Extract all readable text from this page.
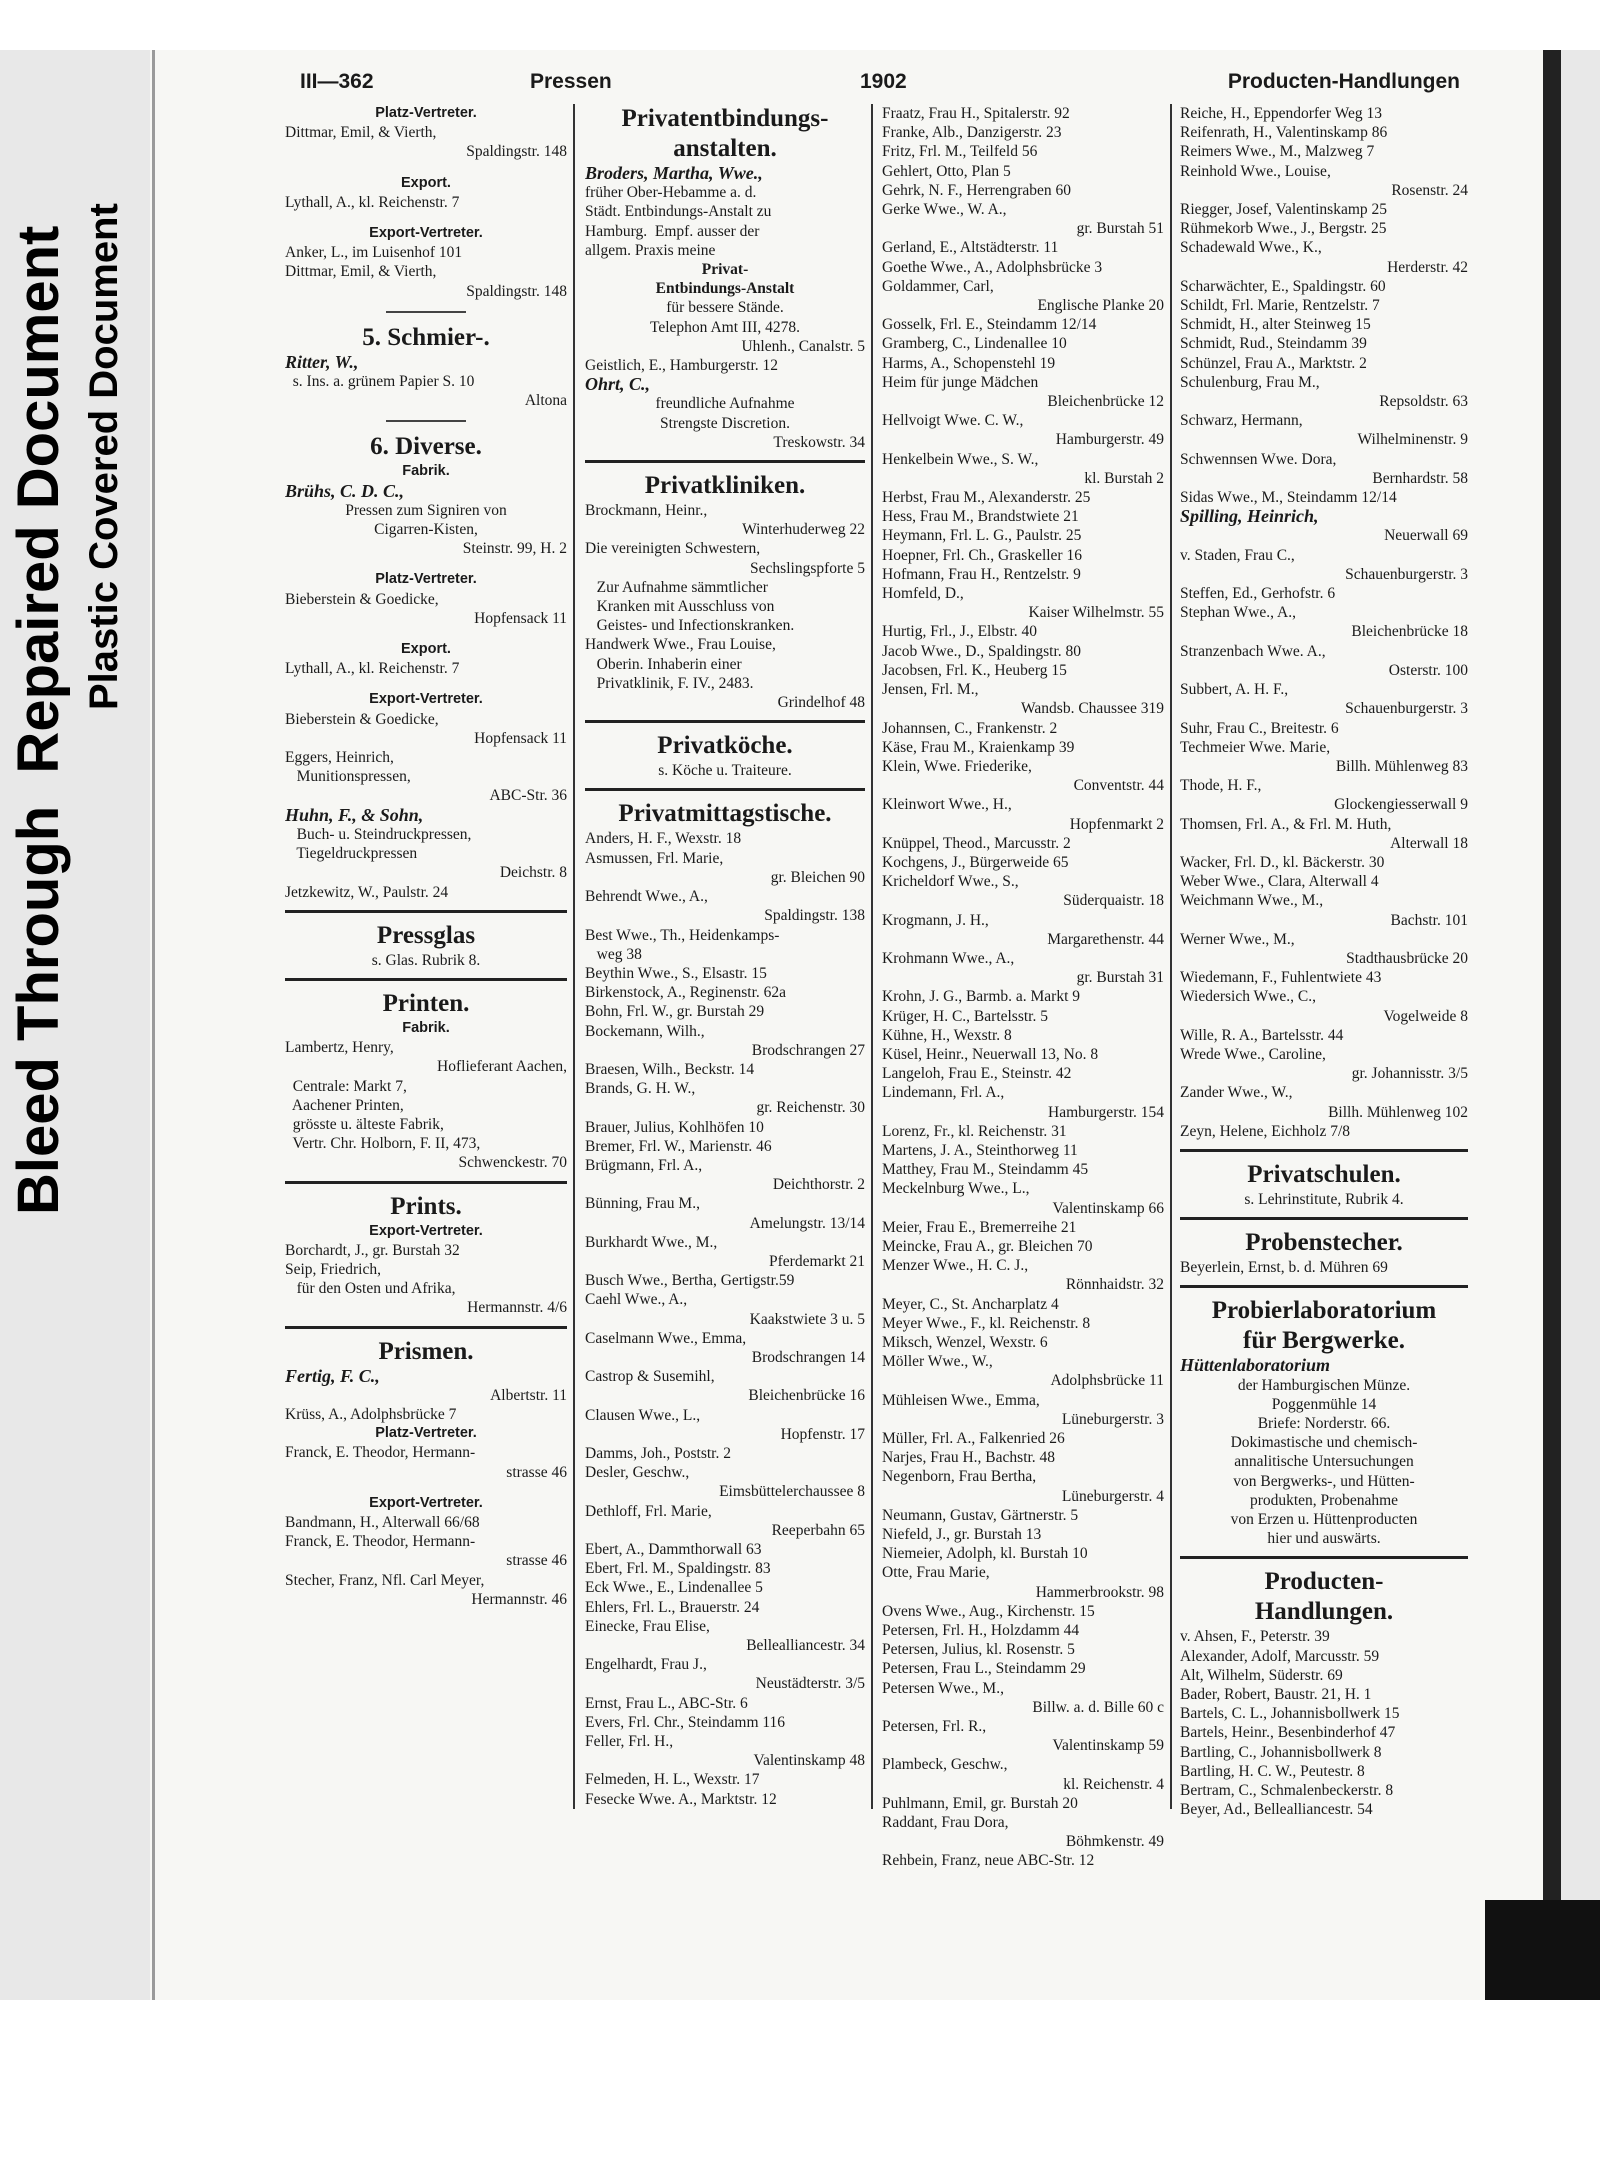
Bleed Through  Repaired Document Plastic Covered Document
III—362	Pressen	1902	Producten-Handlungen
Platz-Vertreter.
Dittmar, Emil, & Vierth,
Spaldingstr. 148
Export.
Lythall, A., kl. Reichenstr. 7
Export-Vertreter.
Anker, L., im Luisenhof 101
Dittmar, Emil, & Vierth,
Spaldingstr. 148
5. Schmier-.
Ritter, W.,
s. Ins. a. grünem Papier S. 10
Altona
6. Diverse.
Fabrik.
Brühs, C. D. C.,
Pressen zum Signiren von
Cigarren-Kisten,
Steinstr. 99, H. 2
Platz-Vertreter.
Bieberstein & Goedicke,
Hopfensack 11
Export.
Lythall, A., kl. Reichenstr. 7
Export-Vertreter.
Bieberstein & Goedicke,
Hopfensack 11
Eggers, Heinrich,
Munitionspressen,
ABC-Str. 36
Huhn, F., & Sohn,
Buch- u. Steindruckpressen,
Tiegeldruckpressen
Deichstr. 8
Jetzkewitz, W., Paulstr. 24
Pressglas
s. Glas. Rubrik 8.
Printen.
Fabrik.
Lambertz, Henry,
Hoflieferant Aachen,
Centrale: Markt 7,
Aachener Printen,
grösste u. älteste Fabrik,
Vertr. Chr. Holborn, F. II, 473,
Schwenckestr. 70
Prints.
Export-Vertreter.
Borchardt, J., gr. Burstah 32
Seip, Friedrich,
für den Osten und Afrika,
Hermannstr. 4/6
Prismen.
Fertig, F. C.,
Albertstr. 11
Krüss, A., Adolphsbrücke 7
Platz-Vertreter.
Franck, E. Theodor, Hermann-
strasse 46
Export-Vertreter.
Bandmann, H., Alterwall 66/68
Franck, E. Theodor, Hermann-
strasse 46
Stecher, Franz, Nfl. Carl Meyer,
Hermannstr. 46
Privatentbindungs-
anstalten.
Broders, Martha, Wwe.,
früher Ober-Hebamme a. d.
Städt. Entbindungs-Anstalt zu
Hamburg.  Empf. ausser der
allgem. Praxis meine
Privat-
Entbindungs-Anstalt
für bessere Stände.
Telephon Amt III, 4278.
Uhlenh., Canalstr. 5
Geistlich, E., Hamburgerstr. 12
Ohrt, C.,
freundliche Aufnahme
Strengste Discretion.
Treskowstr. 34
Privatkliniken.
Brockmann, Heinr.,
Winterhuderweg 22
Die vereinigten Schwestern,
Sechslingspforte 5
Zur Aufnahme sämmtlicher
Kranken mit Ausschluss von
Geistes- und Infectionskranken.
Handwerk Wwe., Frau Louise,
Oberin. Inhaberin einer
Privatklinik, F. IV., 2483.
Grindelhof 48
Privatköche.
s. Köche u. Traiteure.
Privatmittagstische.
Anders, H. F., Wexstr. 18
Asmussen, Frl. Marie,
gr. Bleichen 90
Behrendt Wwe., A.,
Spaldingstr. 138
Best Wwe., Th., Heidenkamps-
weg 38
Beythin Wwe., S., Elsastr. 15
Birkenstock, A., Reginenstr. 62a
Bohn, Frl. W., gr. Burstah 29
Bockemann, Wilh.,
Brodschrangen 27
Braesen, Wilh., Beckstr. 14
Brands, G. H. W.,
gr. Reichenstr. 30
Brauer, Julius, Kohlhöfen 10
Bremer, Frl. W., Marienstr. 46
Brügmann, Frl. A.,
Deichthorstr. 2
Bünning, Frau M.,
Amelungstr. 13/14
Burkhardt Wwe., M.,
Pferdemarkt 21
Busch Wwe., Bertha, Gertigstr.59
Caehl Wwe., A.,
Kaakstwiete 3 u. 5
Caselmann Wwe., Emma,
Brodschrangen 14
Castrop & Susemihl,
Bleichenbrücke 16
Clausen Wwe., L.,
Hopfenstr. 17
Damms, Joh., Poststr. 2
Desler, Geschw.,
Eimsbüttelerchaussee 8
Dethloff, Frl. Marie,
Reeperbahn 65
Ebert, A., Dammthorwall 63
Ebert, Frl. M., Spaldingstr. 83
Eck Wwe., E., Lindenallee 5
Ehlers, Frl. L., Brauerstr. 24
Einecke, Frau Elise,
Bellealliancestr. 34
Engelhardt, Frau J.,
Neustädterstr. 3/5
Ernst, Frau L., ABC-Str. 6
Evers, Frl. Chr., Steindamm 116
Feller, Frl. H.,
Valentinskamp 48
Felmeden, H. L., Wexstr. 17
Fesecke Wwe. A., Marktstr. 12
Fraatz, Frau H., Spitalerstr. 92
Franke, Alb., Danzigerstr. 23
Fritz, Frl. M., Teilfeld 56
Gehlert, Otto, Plan 5
Gehrk, N. F., Herrengraben 60
Gerke Wwe., W. A.,
gr. Burstah 51
Gerland, E., Altstädterstr. 11
Goethe Wwe., A., Adolphsbrücke 3
Goldammer, Carl,
Englische Planke 20
Gosselk, Frl. E., Steindamm 12/14
Gramberg, C., Lindenallee 10
Harms, A., Schopenstehl 19
Heim für junge Mädchen
Bleichenbrücke 12
Hellvoigt Wwe. C. W.,
Hamburgerstr. 49
Henkelbein Wwe., S. W.,
kl. Burstah 2
Herbst, Frau M., Alexanderstr. 25
Hess, Frau M., Brandstwiete 21
Heymann, Frl. L. G., Paulstr. 25
Hoepner, Frl. Ch., Graskeller 16
Hofmann, Frau H., Rentzelstr. 9
Homfeld, D.,
Kaiser Wilhelmstr. 55
Hurtig, Frl., J., Elbstr. 40
Jacob Wwe., D., Spaldingstr. 80
Jacobsen, Frl. K., Heuberg 15
Jensen, Frl. M.,
Wandsb. Chaussee 319
Johannsen, C., Frankenstr. 2
Käse, Frau M., Kraienkamp 39
Klein, Wwe. Friederike,
Conventstr. 44
Kleinwort Wwe., H.,
Hopfenmarkt 2
Knüppel, Theod., Marcusstr. 2
Kochgens, J., Bürgerweide 65
Kricheldorf Wwe., S.,
Süderquaistr. 18
Krogmann, J. H.,
Margarethenstr. 44
Krohmann Wwe., A.,
gr. Burstah 31
Krohn, J. G., Barmb. a. Markt 9
Krüger, H. C., Bartelsstr. 5
Kühne, H., Wexstr. 8
Küsel, Heinr., Neuerwall 13, No. 8
Langeloh, Frau E., Steinstr. 42
Lindemann, Frl. A.,
Hamburgerstr. 154
Lorenz, Fr., kl. Reichenstr. 31
Martens, J. A., Steinthorweg 11
Matthey, Frau M., Steindamm 45
Meckelnburg Wwe., L.,
Valentinskamp 66
Meier, Frau E., Bremerreihe 21
Meincke, Frau A., gr. Bleichen 70
Menzer Wwe., H. C. J.,
Rönnhaidstr. 32
Meyer, C., St. Ancharplatz 4
Meyer Wwe., F., kl. Reichenstr. 8
Miksch, Wenzel, Wexstr. 6
Möller Wwe., W.,
Adolphsbrücke 11
Mühleisen Wwe., Emma,
Lüneburgerstr. 3
Müller, Frl. A., Falkenried 26
Narjes, Frau H., Bachstr. 48
Negenborn, Frau Bertha,
Lüneburgerstr. 4
Neumann, Gustav, Gärtnerstr. 5
Niefeld, J., gr. Burstah 13
Niemeier, Adolph, kl. Burstah 10
Otte, Frau Marie,
Hammerbrookstr. 98
Ovens Wwe., Aug., Kirchenstr. 15
Petersen, Frl. H., Holzdamm 44
Petersen, Julius, kl. Rosenstr. 5
Petersen, Frau L., Steindamm 29
Petersen Wwe., M.,
Billw. a. d. Bille 60 c
Petersen, Frl. R.,
Valentinskamp 59
Plambeck, Geschw.,
kl. Reichenstr. 4
Puhlmann, Emil, gr. Burstah 20
Raddant, Frau Dora,
Böhmkenstr. 49
Rehbein, Franz, neue ABC-Str. 12
Reiche, H., Eppendorfer Weg 13
Reifenrath, H., Valentinskamp 86
Reimers Wwe., M., Malzweg 7
Reinhold Wwe., Louise,
Rosenstr. 24
Riegger, Josef, Valentinskamp 25
Rühmekorb Wwe., J., Bergstr. 25
Schadewald Wwe., K.,
Herderstr. 42
Scharwächter, E., Spaldingstr. 60
Schildt, Frl. Marie, Rentzelstr. 7
Schmidt, H., alter Steinweg 15
Schmidt, Rud., Steindamm 39
Schünzel, Frau A., Marktstr. 2
Schulenburg, Frau M.,
Repsoldstr. 63
Schwarz, Hermann,
Wilhelminenstr. 9
Schwennsen Wwe. Dora,
Bernhardstr. 58
Sidas Wwe., M., Steindamm 12/14
Spilling, Heinrich,
Neuerwall 69
v. Staden, Frau C.,
Schauenburgerstr. 3
Steffen, Ed., Gerhofstr. 6
Stephan Wwe., A.,
Bleichenbrücke 18
Stranzenbach Wwe. A.,
Osterstr. 100
Subbert, A. H. F.,
Schauenburgerstr. 3
Suhr, Frau C., Breitestr. 6
Techmeier Wwe. Marie,
Billh. Mühlenweg 83
Thode, H. F.,
Glockengiesserwall 9
Thomsen, Frl. A., & Frl. M. Huth,
Alterwall 18
Wacker, Frl. D., kl. Bäckerstr. 30
Weber Wwe., Clara, Alterwall 4
Weichmann Wwe., M.,
Bachstr. 101
Werner Wwe., M.,
Stadthausbrücke 20
Wiedemann, F., Fuhlentwiete 43
Wiedersich Wwe., C.,
Vogelweide 8
Wille, R. A., Bartelsstr. 44
Wrede Wwe., Caroline,
gr. Johannisstr. 3/5
Zander Wwe., W.,
Billh. Mühlenweg 102
Zeyn, Helene, Eichholz 7/8
Privatschulen.
s. Lehrinstitute, Rubrik 4.
Probenstecher.
Beyerlein, Ernst, b. d. Mühren 69
Probierlaboratorium
für Bergwerke.
Hüttenlaboratorium
der Hamburgischen Münze.
Poggenmühle 14
Briefe: Norderstr. 66.
Dokimastische und chemisch-
annalitische Untersuchungen
von Bergwerks-, und Hütten-
produkten, Probenahme
von Erzen u. Hüttenproducten
hier und auswärts.
Producten-
Handlungen.
v. Ahsen, F., Peterstr. 39
Alexander, Adolf, Marcusstr. 59
Alt, Wilhelm, Süderstr. 69
Bader, Robert, Baustr. 21, H. 1
Bartels, C. L., Johannisbollwerk 15
Bartels, Heinr., Besenbinderhof 47
Bartling, C., Johannisbollwerk 8
Bartling, H. C. W., Peutestr. 8
Bertram, C., Schmalenbeckerstr. 8
Beyer, Ad., Bellealliancestr. 54
